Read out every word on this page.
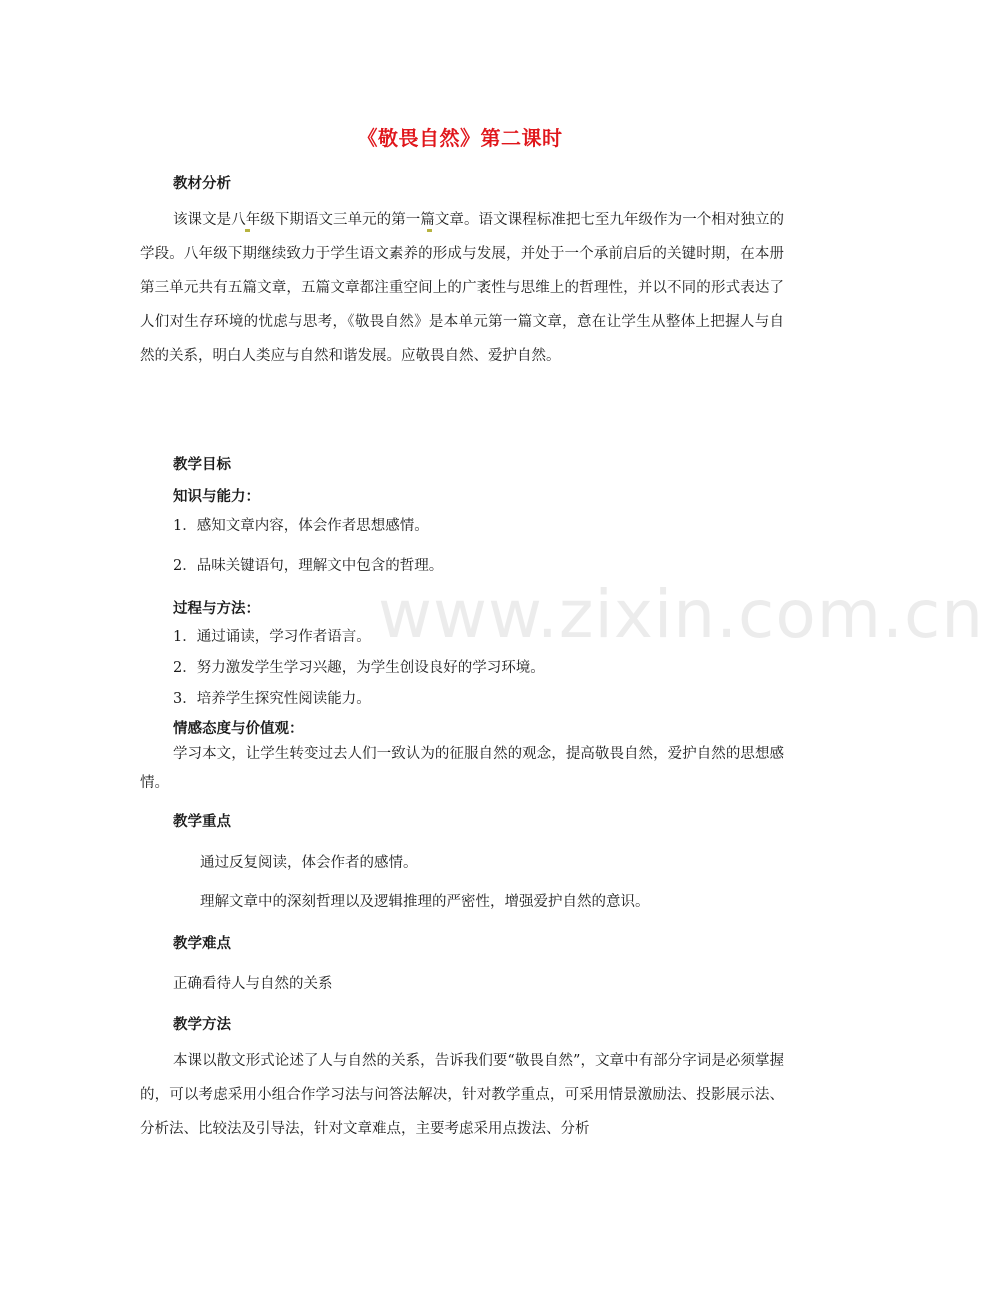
www.zixin.com.cn
《敬畏自然》第二课时
教材分析

该课文是八年级下期语文三单元的第一篇文章。语文课程标准把七至九年级作为一个相对独立的学段。八年级下期继续致力于学生语文素养的形成与发展，并处于一个承前启后的关键时期，在本册第三单元共有五篇文章，五篇文章都注重空间上的广袤性与思维上的哲理性，并以不同的形式表达了人们对生存环境的忧虑与思考，《敬畏自然》是本单元第一篇文章，意在让学生从整体上把握人与自然的关系，明白人类应与自然和谐发展。应敬畏自然、爱护自然。

教学目标
知识与能力：
1．感知文章内容，体会作者思想感情。
2．品味关键语句，理解文中包含的哲理。
过程与方法：
1．通过诵读，学习作者语言。
2．努力激发学生学习兴趣，为学生创设良好的学习环境。
3．培养学生探究性阅读能力。
情感态度与价值观：

学习本文，让学生转变过去人们一致认为的征服自然的观念，提高敬畏自然，爱护自然的思想感情。

教学重点
通过反复阅读，体会作者的感情。
理解文章中的深刻哲理以及逻辑推理的严密性，增强爱护自然的意识。
教学难点
正确看待人与自然的关系
教学方法

本课以散文形式论述了人与自然的关系，告诉我们要“敬畏自然”，文章中有部分字词是必须掌握的，可以考虑采用小组合作学习法与问答法解决，针对教学重点，可采用情景激励法、投影展示法、分析法、比较法及引导法，针对文章难点，主要考虑采用点拨法、分析
